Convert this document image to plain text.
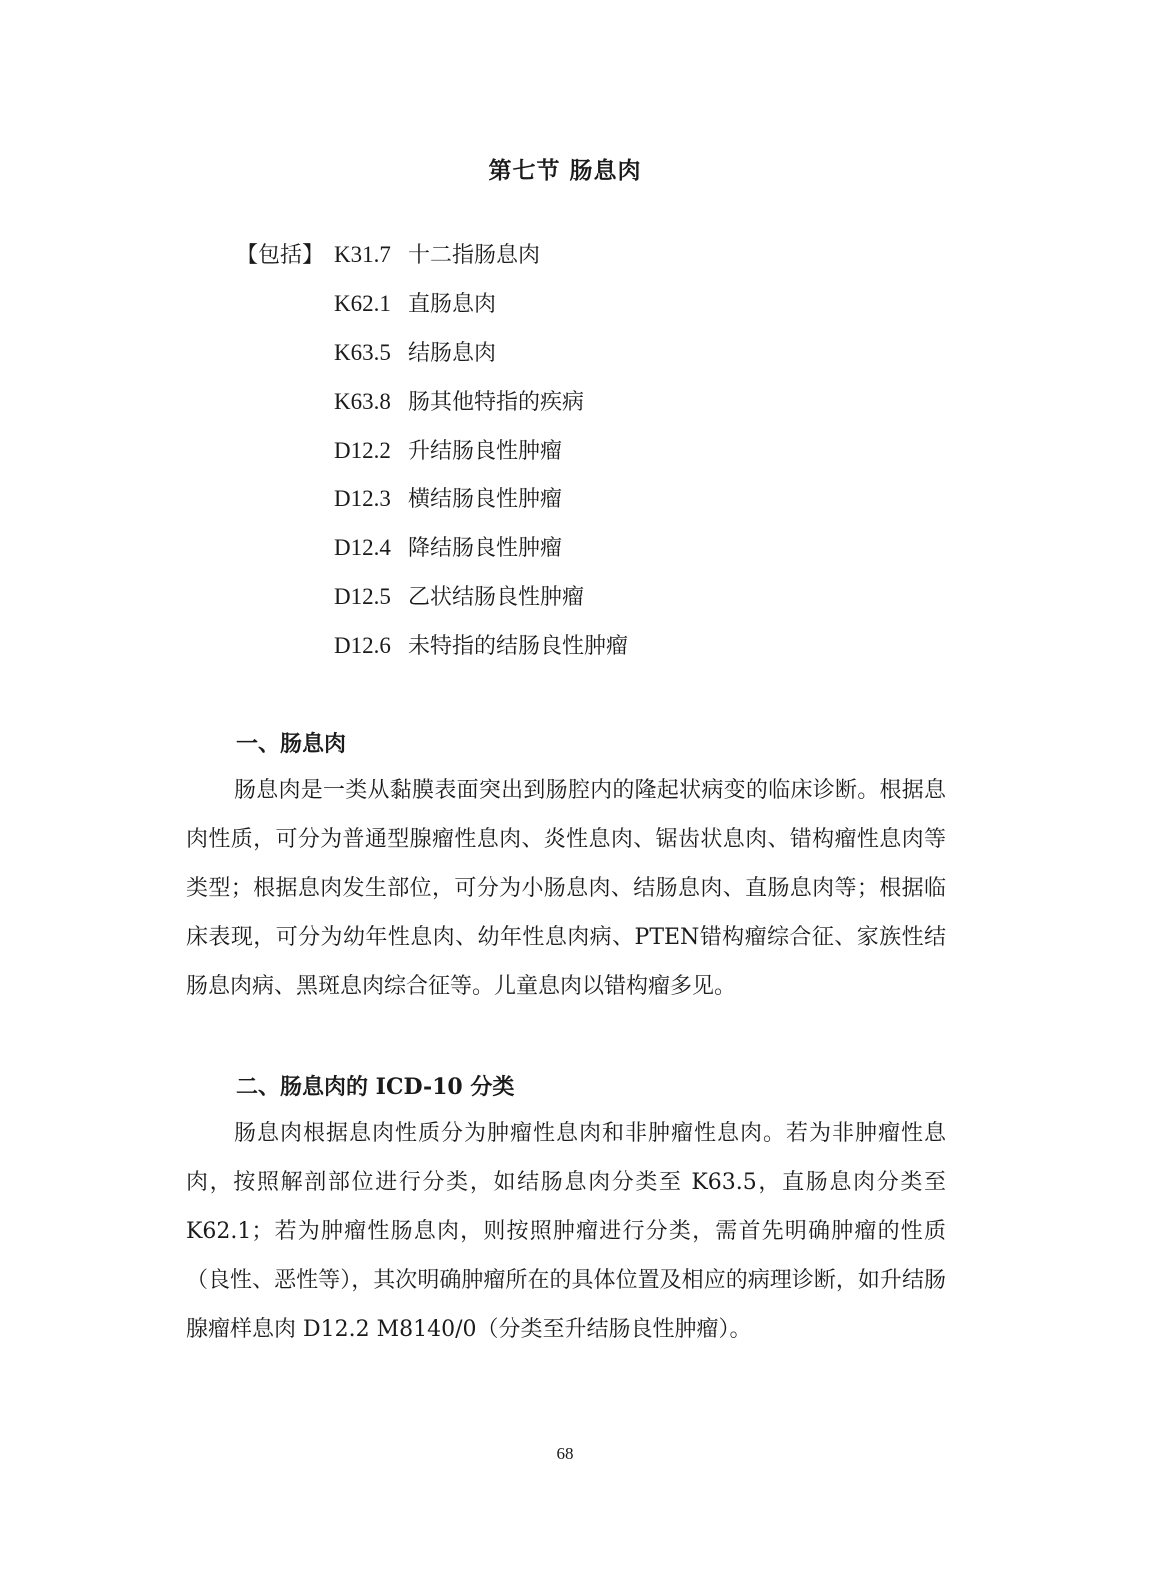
第七节 肠息肉
【包括】 K31.7 十二指肠息肉
K62.1 直肠息肉
K63.5 结肠息肉
K63.8 肠其他特指的疾病
D12.2 升结肠良性肿瘤
D12.3 横结肠良性肿瘤
D12.4 降结肠良性肿瘤
D12.5 乙状结肠良性肿瘤
D12.6 未特指的结肠良性肿瘤
一、肠息肉

肠息肉是一类从黏膜表面突出到肠腔内的隆起状病变的临床诊断。根据息肉性质，可分为普通型腺瘤性息肉、炎性息肉、锯齿状息肉、错构瘤性息肉等类型；根据息肉发生部位，可分为小肠息肉、结肠息肉、直肠息肉等；根据临床表现，可分为幼年性息肉、幼年性息肉病、PTEN错构瘤综合征、家族性结肠息肉病、黑斑息肉综合征等。儿童息肉以错构瘤多见。

二、肠息肉的 ICD-10 分类

肠息肉根据息肉性质分为肿瘤性息肉和非肿瘤性息肉。若为非肿瘤性息肉，按照解剖部位进行分类，如结肠息肉分类至 K63.5，直肠息肉分类至 K62.1；若为肿瘤性肠息肉，则按照肿瘤进行分类，需首先明确肿瘤的性质（良性、恶性等），其次明确肿瘤所在的具体位置及相应的病理诊断，如升结肠腺瘤样息肉 D12.2 M8140/0（分类至升结肠良性肿瘤）。

68
